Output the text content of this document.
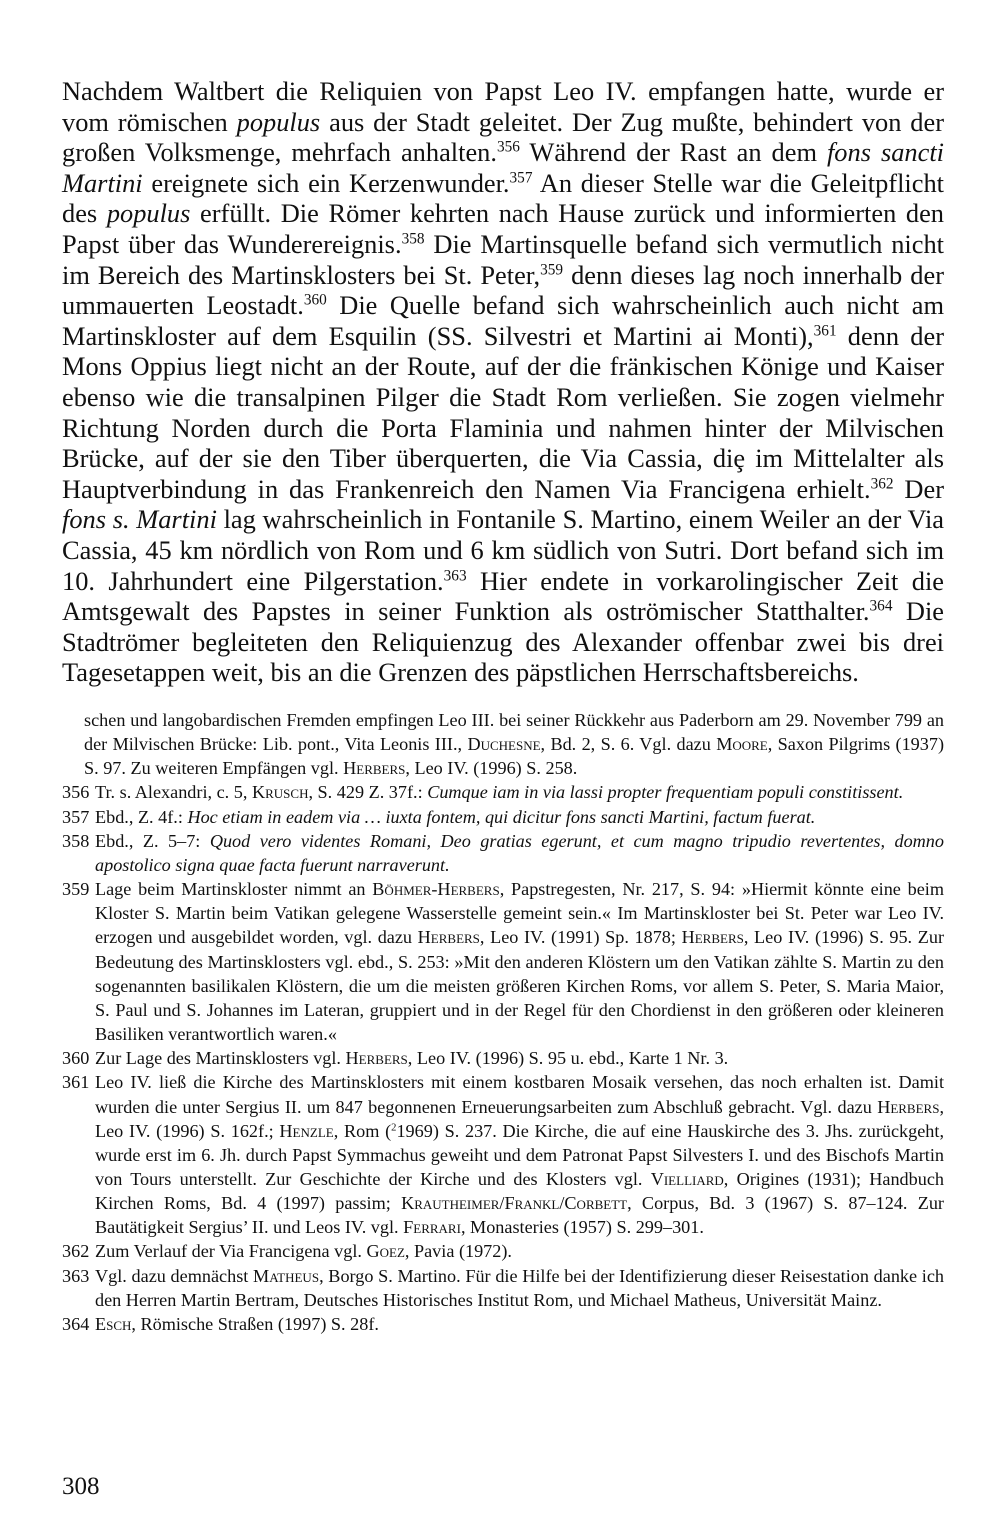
Nachdem Waltbert die Reliquien von Papst Leo IV. empfangen hatte, wurde er vom römischen populus aus der Stadt geleitet. Der Zug mußte, behindert von der großen Volksmenge, mehrfach anhalten.$^{356}$ Während der Rast an dem fons sancti Martini ereignete sich ein Kerzenwunder.$^{357}$ An dieser Stelle war die Geleitpflicht des populus erfüllt. Die Römer kehrten nach Hause zurück und informierten den Papst über das Wunderereignis.$^{358}$ Die Martinsquelle befand sich vermutlich nicht im Bereich des Martinsklosters bei St. Peter,$^{359}$ denn dieses lag noch innerhalb der ummauerten Leostadt.$^{360}$ Die Quelle befand sich wahrscheinlich auch nicht am Martinskloster auf dem Esquilin (SS. Silvestri et Martini ai Monti),$^{361}$ denn der Mons Oppius liegt nicht an der Route, auf der die fränkischen Könige und Kaiser ebenso wie die transalpinen Pilger die Stadt Rom verließen. Sie zogen vielmehr Richtung Norden durch die Porta Flaminia und nahmen hinter der Milvischen Brücke, auf der sie den Tiber überquerten, die Via Cassia, diȩ im Mittelalter als Hauptverbindung in das Frankenreich den Namen Via Francigena erhielt.$^{362}$ Der fons s. Martini lag wahrscheinlich in Fontanile S. Martino, einem Weiler an der Via Cassia, 45 km nördlich von Rom und 6 km südlich von Sutri. Dort befand sich im 10. Jahrhundert eine Pilgerstation.$^{363}$ Hier endete in vorkarolingischer Zeit die Amtsgewalt des Papstes in seiner Funktion als oströmischer Statthalter.$^{364}$ Die Stadtrömer begleiteten den Reliquienzug des Alexander offenbar zwei bis drei Tagesetappen weit, bis an die Grenzen des päpstlichen Herrschaftsbereichs.

schen und langobardischen Fremden empfingen Leo III. bei seiner Rückkehr aus Paderborn am 29. November 799 an der Milvischen Brücke: Lib. pont., Vita Leonis III., Duchesne, Bd. 2, S. 6. Vgl. dazu Moore, Saxon Pilgrims (1937) S. 97. Zu weiteren Empfängen vgl. Herbers, Leo IV. (1996) S. 258.

356 Tr. s. Alexandri, c. 5, Krusch, S. 429 Z. 37f.: Cumque iam in via lassi propter frequentiam populi constitissent.

357 Ebd., Z. 4f.: Hoc etiam in eadem via … iuxta fontem, qui dicitur fons sancti Martini, factum fuerat.

358 Ebd., Z. 5–7: Quod vero videntes Romani, Deo gratias egerunt, et cum magno tripudio revertentes, domno apostolico signa quae facta fuerunt narraverunt.

359 Lage beim Martinskloster nimmt an Böhmer-Herbers, Papstregesten, Nr. 217, S. 94: »Hiermit könnte eine beim Kloster S. Martin beim Vatikan gelegene Wasserstelle gemeint sein.« Im Martinskloster bei St. Peter war Leo IV. erzogen und ausgebildet worden, vgl. dazu Herbers, Leo IV. (1991) Sp. 1878; Herbers, Leo IV. (1996) S. 95. Zur Bedeutung des Martinsklosters vgl. ebd., S. 253: »Mit den anderen Klöstern um den Vatikan zählte S. Martin zu den sogenannten basilikalen Klöstern, die um die meisten größeren Kirchen Roms, vor allem S. Peter, S. Maria Maior, S. Paul und S. Johannes im Lateran, gruppiert und in der Regel für den Chordienst in den größeren oder kleineren Basiliken verantwortlich waren.«

360 Zur Lage des Martinsklosters vgl. Herbers, Leo IV. (1996) S. 95 u. ebd., Karte 1 Nr. 3.

361 Leo IV. ließ die Kirche des Martinsklosters mit einem kostbaren Mosaik versehen, das noch erhalten ist. Damit wurden die unter Sergius II. um 847 begonnenen Erneuerungsarbeiten zum Abschluß gebracht. Vgl. dazu Herbers, Leo IV. (1996) S. 162f.; Henzle, Rom ($^2$1969) S. 237. Die Kirche, die auf eine Hauskirche des 3. Jhs. zurückgeht, wurde erst im 6. Jh. durch Papst Symmachus geweiht und dem Patronat Papst Silvesters I. und des Bischofs Martin von Tours unterstellt. Zur Geschichte der Kirche und des Klosters vgl. Vielliard, Origines (1931); Handbuch Kirchen Roms, Bd. 4 (1997) passim; Krautheimer/Frankl/Corbett, Corpus, Bd. 3 (1967) S. 87–124. Zur Bautätigkeit Sergius’ II. und Leos IV. vgl. Ferrari, Monasteries (1957) S. 299–301.

362 Zum Verlauf der Via Francigena vgl. Goez, Pavia (1972).

363 Vgl. dazu demnächst Matheus, Borgo S. Martino. Für die Hilfe bei der Identifizierung dieser Reisestation danke ich den Herren Martin Bertram, Deutsches Historisches Institut Rom, und Michael Matheus, Universität Mainz.

364 Esch, Römische Straßen (1997) S. 28f.

308
